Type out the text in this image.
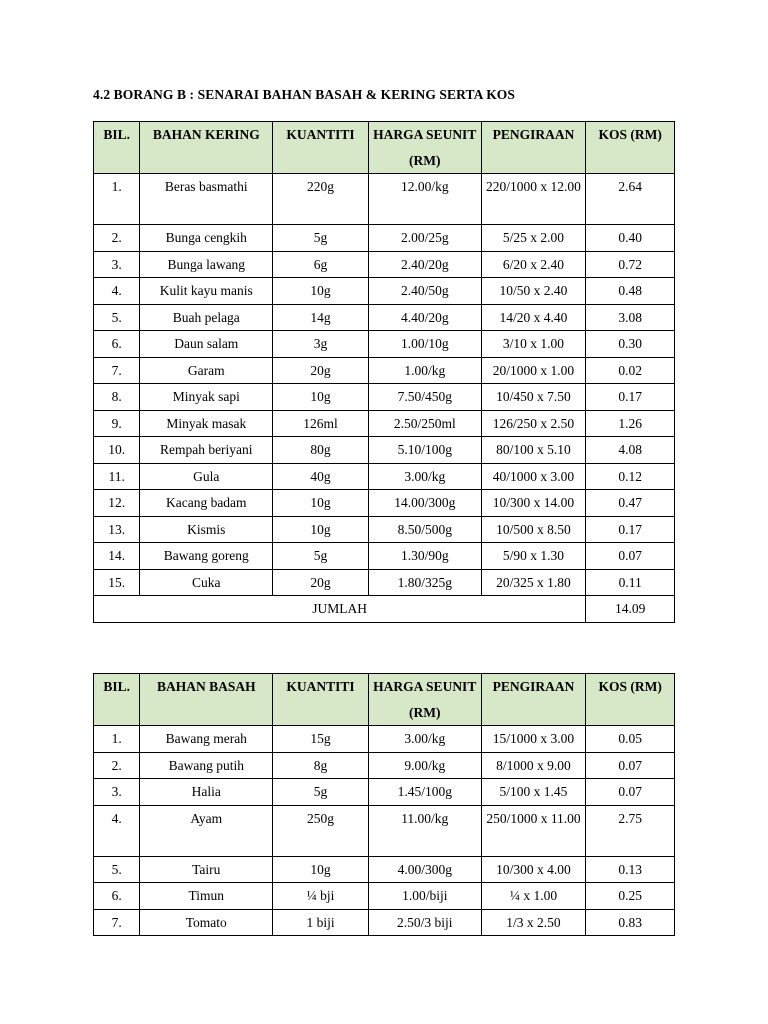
4.2 BORANG B : SENARAI BAHAN BASAH & KERING SERTA KOS
BIL.	BAHAN KERING	KUANTITI	HARGA SEUNIT (RM)	PENGIRAAN	KOS (RM)
1.	Beras basmathi	220g	12.00/kg	220/1000 x 12.00	2.64
2.	Bunga cengkih	5g	2.00/25g	5/25 x 2.00	0.40
3.	Bunga lawang	6g	2.40/20g	6/20 x 2.40	0.72
4.	Kulit kayu manis	10g	2.40/50g	10/50 x 2.40	0.48
5.	Buah pelaga	14g	4.40/20g	14/20 x 4.40	3.08
6.	Daun salam	3g	1.00/10g	3/10 x 1.00	0.30
7.	Garam	20g	1.00/kg	20/1000 x 1.00	0.02
8.	Minyak sapi	10g	7.50/450g	10/450 x 7.50	0.17
9.	Minyak masak	126ml	2.50/250ml	126/250 x 2.50	1.26
10.	Rempah beriyani	80g	5.10/100g	80/100 x 5.10	4.08
11.	Gula	40g	3.00/kg	40/1000 x 3.00	0.12
12.	Kacang badam	10g	14.00/300g	10/300 x 14.00	0.47
13.	Kismis	10g	8.50/500g	10/500 x 8.50	0.17
14.	Bawang goreng	5g	1.30/90g	5/90 x 1.30	0.07
15.	Cuka	20g	1.80/325g	20/325 x 1.80	0.11
JUMLAH					14.09
BIL.	BAHAN BASAH	KUANTITI	HARGA SEUNIT (RM)	PENGIRAAN	KOS (RM)
1.	Bawang merah	15g	3.00/kg	15/1000 x 3.00	0.05
2.	Bawang putih	8g	9.00/kg	8/1000 x 9.00	0.07
3.	Halia	5g	1.45/100g	5/100 x 1.45	0.07
4.	Ayam	250g	11.00/kg	250/1000 x 11.00	2.75
5.	Tairu	10g	4.00/300g	10/300 x 4.00	0.13
6.	Timun	¼ bji	1.00/biji	¼ x 1.00	0.25
7.	Tomato	1 biji	2.50/3 biji	1/3 x 2.50	0.83
